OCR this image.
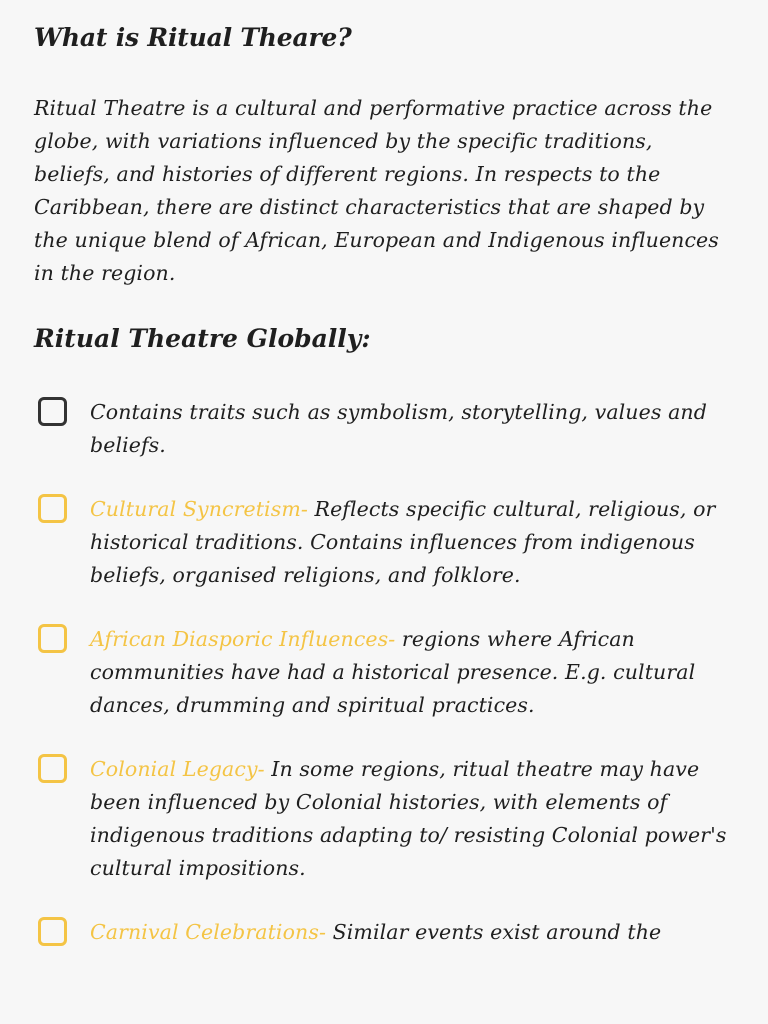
What is Ritual Theare?

Ritual Theatre is a cultural and performative practice across the globe, with variations influenced by the specific traditions, beliefs, and histories of different regions. In respects to the Caribbean, there are distinct characteristics that are shaped by the unique blend of African, European and Indigenous influences in the region.

Ritual Theatre Globally:
Contains traits such as symbolism, storytelling, values and beliefs.
Cultural Syncretism- Reflects specific cultural, religious, or historical traditions. Contains influences from indigenous beliefs, organised religions, and folklore.
African Diasporic Influences- regions where African communities have had a historical presence. E.g. cultural dances, drumming and spiritual practices.
Colonial Legacy- In some regions, ritual theatre may have been influenced by Colonial histories, with elements of indigenous traditions adapting to/ resisting Colonial power's cultural impositions.
Carnival Celebrations- Similar events exist around the
